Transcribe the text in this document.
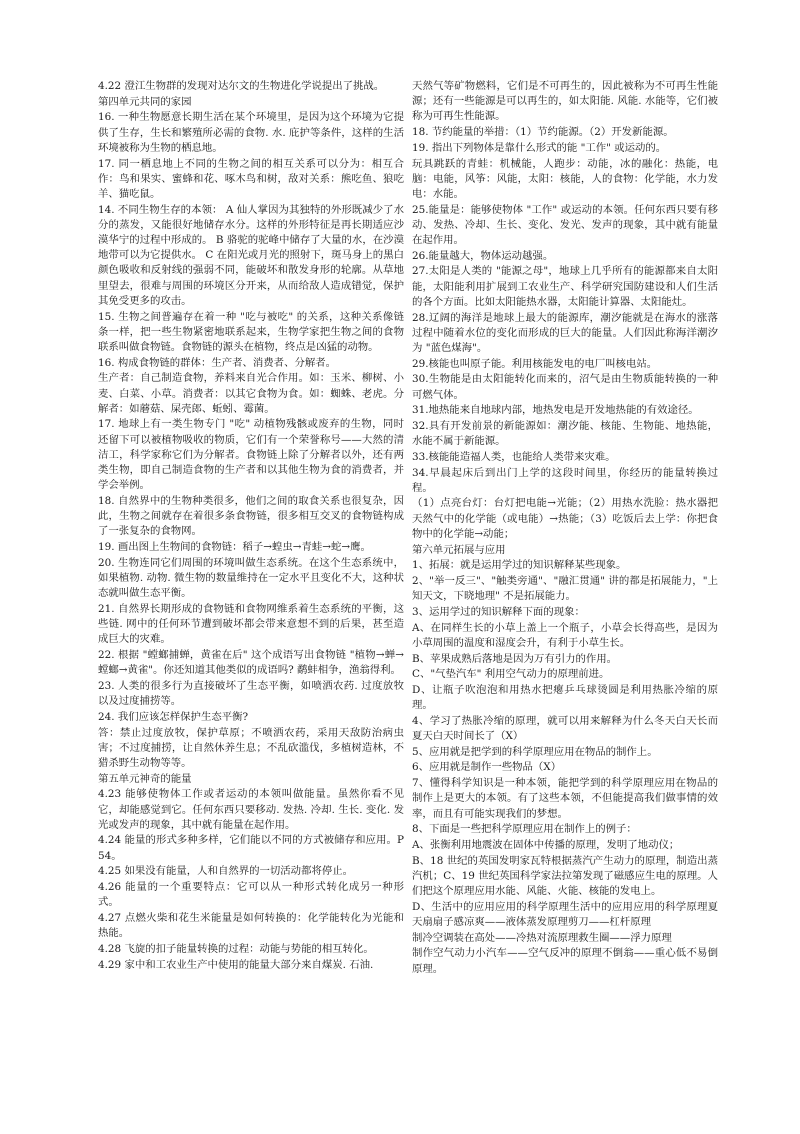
4.22 澄江生物群的发现对达尔文的生物进化学说提出了挑战。

第四单元共同的家园

16. 一种生物愿意长期生活在某个环境里，是因为这个环境为它提供了生存，生长和繁殖所必需的食物. 水. 庇护等条件，这样的生活环境被称为生物的栖息地。

17. 同一栖息地上不同的生物之间的相互关系可以分为：相互合作：鸟和果实、蜜蜂和花、啄木鸟和树，敌对关系：熊吃鱼、狼吃羊、猫吃鼠。

14. 不同生物生存的本领： A 仙人掌因为其独特的外形既减少了水分的蒸发，又能很好地储存水分。这样的外形特征是再长期适应沙漠华宁的过程中形成的。 B 骆驼的驼峰中储存了大量的水，在沙漠地带可以为它提供水。 C 在阳光或月光的照射下，斑马身上的黑白颜色吸收和反射线的强弱不同，能破坏和散发身形的轮廓。从草地里望去，很难与周围的环境区分开来，从而给敌人造成错觉，保护其免受更多的攻击。

15. 生物之间普遍存在着一种 "吃与被吃" 的关系，这种关系像链条一样，把一些生物紧密地联系起来，生物学家把生物之间的食物联系叫做食物链。食物链的源头在植物，终点是凶猛的动物。

16. 构成食物链的群体：生产者、消费者、分解者。

生产者：自己制造食物，养料来自光合作用。如：玉米、柳树、小麦、白菜、小草。消费者：以其它食物为食。如：蜘蛛、老虎。分解者：如蘑菇、屎壳郎、蚯蚓、霉菌。

17. 地球上有一类生物专门 "吃" 动植物残骸或废弃的生物，同时还留下可以被植物吸收的物质，它们有一个荣誉称号——大然的清洁工，科学家称它们为分解者。食物链上除了分解者以外，还有两类生物，即自己制造食物的生产者和以其他生物为食的消费者，并学会举例。

18. 自然界中的生物种类很多，他们之间的取食关系也很复杂，因此，生物之间就存在着很多条食物链，很多相互交叉的食物链构成了一张复杂的食物网。

19. 画出图上生物间的食物链：稻子→蝗虫→青蛙→蛇→鹰。

20. 生物连同它们周围的环境叫做生态系统。在这个生态系统中，如果植物. 动物. 微生物的数量维持在一定水平且变化不大，这种状态就叫做生态平衡。

21. 自然界长期形成的食物链和食物网维系着生态系统的平衡，这些链. 网中的任何环节遭到破坏都会带来意想不到的后果，甚至造成巨大的灾难。

22. 根据 "螳螂捕蝉，黄雀在后" 这个成语写出食物链 "植物→蝉→螳螂→黄雀"。你还知道其他类似的成语吗? 鹬蚌相争，渔翁得利。

23. 人类的很多行为直接破坏了生态平衡，如喷洒农药. 过度放牧以及过度捕捞等。

24. 我们应该怎样保护生态平衡?

答：禁止过度放牧，保护草原；不喷洒农药，采用天敌防治病虫害；不过度捕捞，让自然休养生息；不乱砍滥伐，多植树造林，不猎杀野生动物等等。

第五单元神奇的能量

4.23 能够使物体工作或者运动的本领叫做能量。虽然你看不见它，却能感觉到它。任何东西只要移动. 发热. 冷却. 生长. 变化. 发光或发声的现象，其中就有能量在起作用。

4.24 能量的形式多种多样，它们能以不同的方式被储存和应用。P54。

4.25 如果没有能量，人和自然界的一切活动都将停止。

4.26 能量的一个重要特点：它可以从一种形式转化成另一种形式。

4.27 点燃火柴和花生米能量是如何转换的：化学能转化为光能和热能。

4.28 飞旋的扣子能量转换的过程：动能与势能的相互转化。

4.29 家中和工农业生产中使用的能量大部分来自煤炭. 石油.

天然气等矿物燃料，它们是不可再生的，因此被称为不可再生性能源；还有一些能源是可以再生的，如太阳能. 风能. 水能等，它们被称为可再生性能源。

18. 节约能量的举措：（1）节约能源。（2）开发新能源。

19. 指出下列物体是靠什么形式的能 "工作" 或运动的。

玩具跳跃的青蛙：机械能，人跑步：动能，冰的融化：热能，电脑：电能，风筝：风能，太阳：核能，人的食物：化学能，水力发电：水能。

25.能量是：能够使物体 "工作" 或运动的本领。任何东西只要有移动、发热、冷却、生长、变化、发光、发声的现象，其中就有能量在起作用。

26.能量越大，物体运动越强。

27.太阳是人类的 "能源之母"，地球上几乎所有的能源都来自太阳能，太阳能利用扩展到工农业生产、科学研究国防建设和人们生活的各个方面。比如太阳能热水器，太阳能计算器、太阳能灶。

28.辽阔的海洋是地球上最大的能源库，潮汐能就是在海水的涨落过程中随着水位的变化而形成的巨大的能量。人们因此称海洋潮汐为 "蓝色煤海"。

29.核能也叫原子能。利用核能发电的电厂叫核电站。

30.生物能是由太阳能转化而来的，沼气是由生物质能转换的一种可燃气体。

31.地热能来自地球内部，地热发电是开发地热能的有效途径。

32.具有开发前景的新能源如：潮汐能、核能、生物能、地热能，水能不属于新能源。

33.核能能造福人类，也能给人类带来灾难。

34.早晨起床后到出门上学的这段时间里，你经历的能量转换过程。

（1）点亮台灯：台灯把电能→光能；（2）用热水洗脸：热水器把天然气中的化学能（或电能）→热能；（3）吃饭后去上学：你把食物中的化学能→动能；

第六单元拓展与应用

1、拓展：就是运用学过的知识解释某些现象。

2、"举一反三"、"触类旁通"、"融汇贯通" 讲的都是拓展能力，"上知天文，下晓地理" 不是拓展能力。

3、运用学过的知识解释下面的现象：

A、在同样生长的小草上盖上一个瓶子，小草会长得高些，是因为小草周围的温度和湿度会升，有利于小草生长。

B、苹果成熟后落地是因为万有引力的作用。

C、"气垫汽车" 利用空气动力的原理前进。

D、让瓶子吹泡泡和用热水把瘪乒乓球烫圆是利用热胀冷缩的原理。

4、学习了热胀冷缩的原理，就可以用来解释为什么冬天白天长而夏天白天时间长了（X）

5、应用就是把学到的科学原理应用在物品的制作上。

6、应用就是制作一些物品（X）

7、懂得科学知识是一种本领，能把学到的科学原理应用在物品的制作上是更大的本领。有了这些本领，不但能提高我们做事情的效率，而且有可能实现我们的梦想。

8、下面是一些把科学原理应用在制作上的例子：

A、张衡利用地震波在固体中传播的原理，发明了地动仪；

B、18 世纪的英国发明家瓦特根据蒸汽产生动力的原理，制造出蒸汽机；C、19 世纪英国科学家法拉第发现了磁感应生电的原理。人们把这个原理应用水能、风能、火能、核能的发电上。

D、生活中的应用应用的科学原理生活中的应用应用的科学原理夏天扇扇子感凉爽——液体蒸发原理剪刀——杠杆原理

制冷空调装在高处——冷热对流原理救生圈——浮力原理

制作空气动力小汽车——空气反冲的原理不倒翁——重心低不易倒原理。
